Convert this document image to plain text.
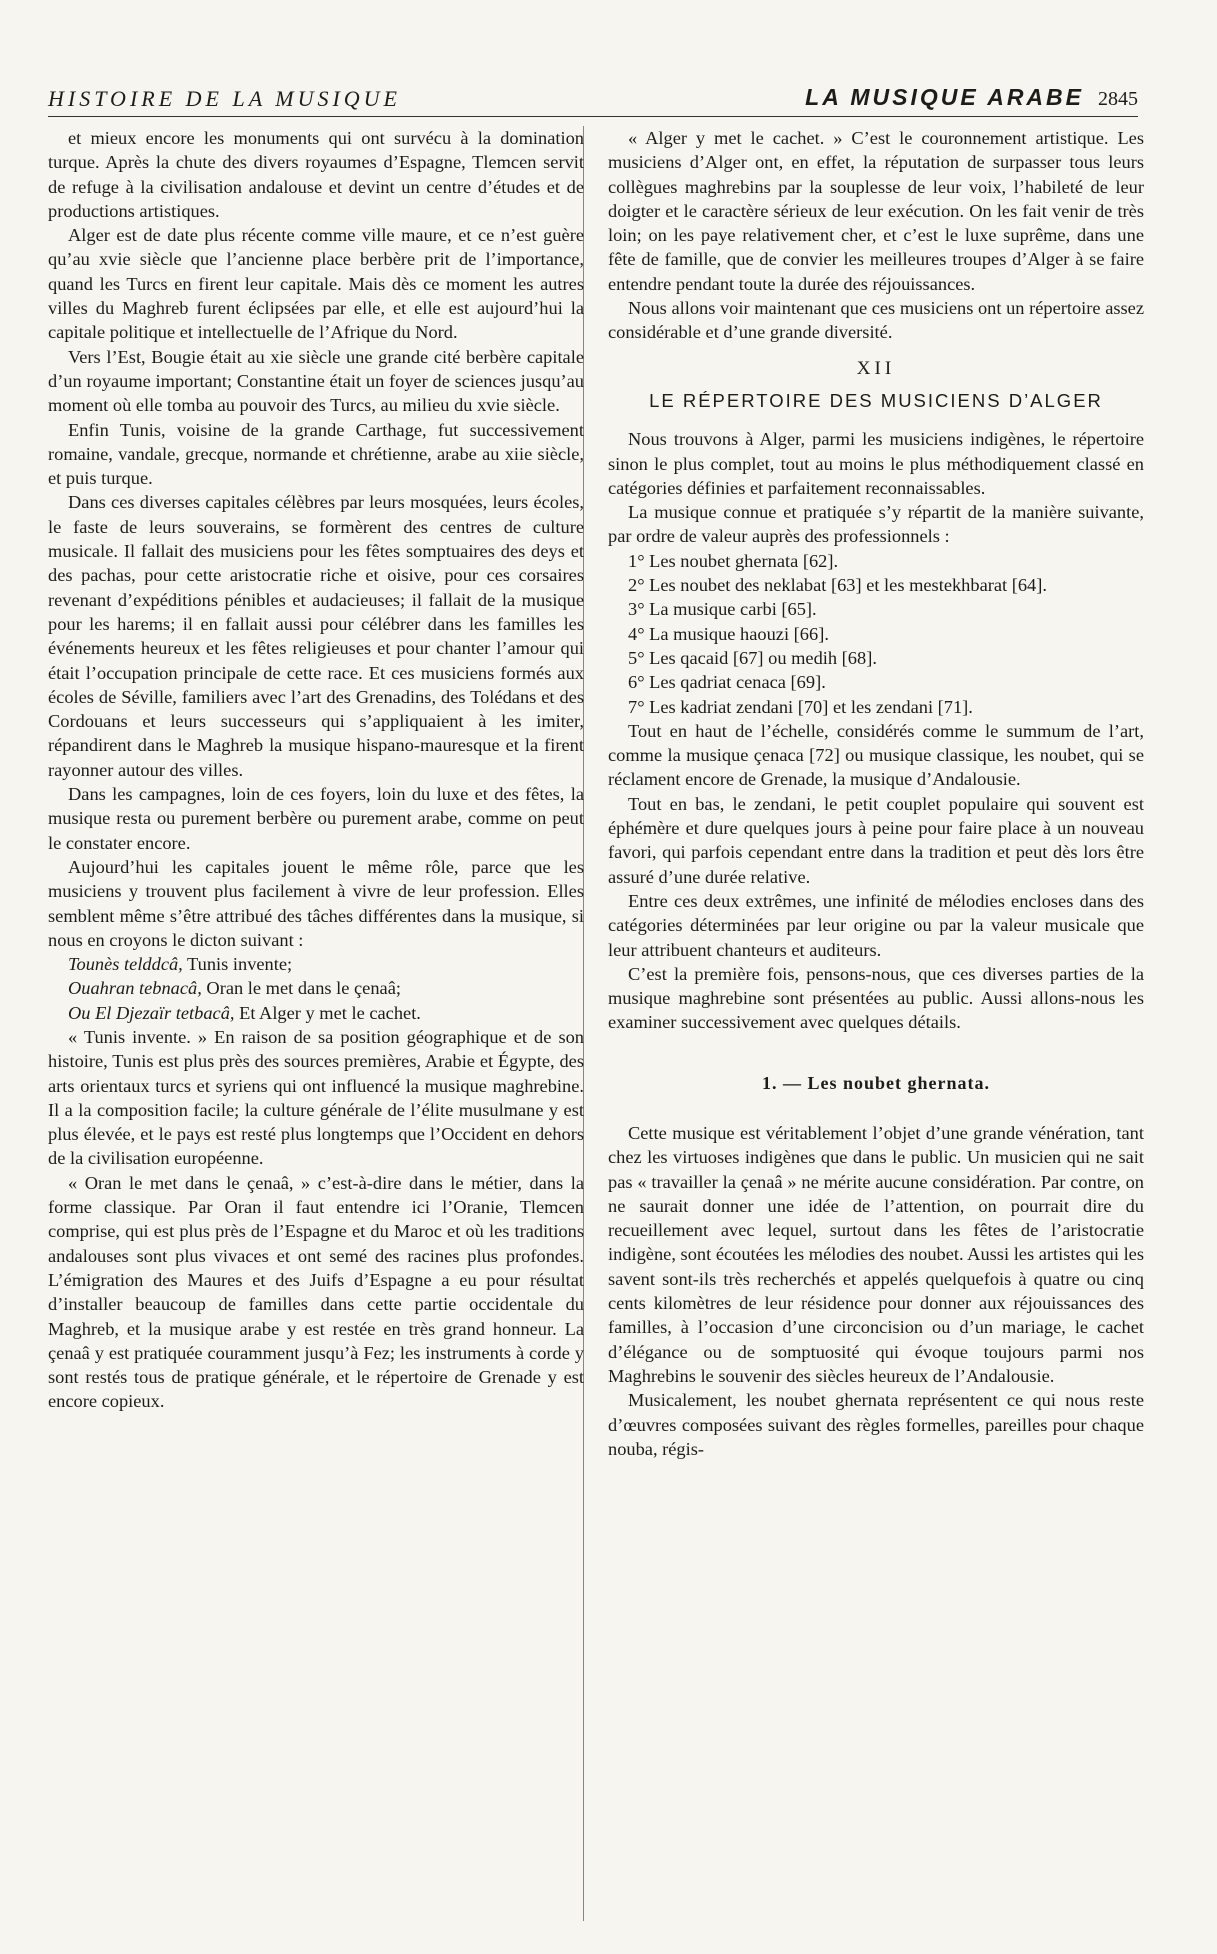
HISTOIRE DE LA MUSIQUE	LA MUSIQUE ARABE 2845

et mieux encore les monuments qui ont survécu à la domination turque. Après la chute des divers royaumes d’Espagne, Tlemcen servit de refuge à la civilisation andalouse et devint un centre d’études et de productions artistiques.

Alger est de date plus récente comme ville maure, et ce n’est guère qu’au xvie siècle que l’ancienne place berbère prit de l’importance, quand les Turcs en firent leur capitale. Mais dès ce moment les autres villes du Maghreb furent éclipsées par elle, et elle est aujourd’hui la capitale politique et intellectuelle de l’Afrique du Nord.

Vers l’Est, Bougie était au xie siècle une grande cité berbère capitale d’un royaume important; Constantine était un foyer de sciences jusqu’au moment où elle tomba au pouvoir des Turcs, au milieu du xvie siècle.

Enfin Tunis, voisine de la grande Carthage, fut successivement romaine, vandale, grecque, normande et chrétienne, arabe au xiie siècle, et puis turque.

Dans ces diverses capitales célèbres par leurs mosquées, leurs écoles, le faste de leurs souverains, se formèrent des centres de culture musicale. Il fallait des musiciens pour les fêtes somptuaires des deys et des pachas, pour cette aristocratie riche et oisive, pour ces corsaires revenant d’expéditions pénibles et audacieuses; il fallait de la musique pour les harems; il en fallait aussi pour célébrer dans les familles les événements heureux et les fêtes religieuses et pour chanter l’amour qui était l’occupation principale de cette race. Et ces musiciens formés aux écoles de Séville, familiers avec l’art des Grenadins, des Tolédans et des Cordouans et leurs successeurs qui s’appliquaient à les imiter, répandirent dans le Maghreb la musique hispano-mauresque et la firent rayonner autour des villes.

Dans les campagnes, loin de ces foyers, loin du luxe et des fêtes, la musique resta ou purement berbère ou purement arabe, comme on peut le constater encore.

Aujourd’hui les capitales jouent le même rôle, parce que les musiciens y trouvent plus facilement à vivre de leur profession. Elles semblent même s’être attribué des tâches différentes dans la musique, si nous en croyons le dicton suivant :

Tounès telddcâ, Tunis invente;

Ouahran tebnacâ, Oran le met dans le çenaâ;

Ou El Djezaïr tetbacâ, Et Alger y met le cachet.

« Tunis invente. » En raison de sa position géographique et de son histoire, Tunis est plus près des sources premières, Arabie et Égypte, des arts orientaux turcs et syriens qui ont influencé la musique maghrebine. Il a la composition facile; la culture générale de l’élite musulmane y est plus élevée, et le pays est resté plus longtemps que l’Occident en dehors de la civilisation européenne.

« Oran le met dans le çenaâ, » c’est-à-dire dans le métier, dans la forme classique. Par Oran il faut entendre ici l’Oranie, Tlemcen comprise, qui est plus près de l’Espagne et du Maroc et où les traditions andalouses sont plus vivaces et ont semé des racines plus profondes. L’émigration des Maures et des Juifs d’Espagne a eu pour résultat d’installer beaucoup de familles dans cette partie occidentale du Maghreb, et la musique arabe y est restée en très grand honneur. La çenaâ y est pratiquée couramment jusqu’à Fez; les instruments à corde y sont restés tous de pratique générale, et le répertoire de Grenade y est encore copieux.

« Alger y met le cachet. » C’est le couronnement artistique. Les musiciens d’Alger ont, en effet, la réputation de surpasser tous leurs collègues maghrebins par la souplesse de leur voix, l’habileté de leur doigter et le caractère sérieux de leur exécution. On les fait venir de très loin; on les paye relativement cher, et c’est le luxe suprême, dans une fête de famille, que de convier les meilleures troupes d’Alger à se faire entendre pendant toute la durée des réjouissances.

Nous allons voir maintenant que ces musiciens ont un répertoire assez considérable et d’une grande diversité.

XII
LE RÉPERTOIRE DES MUSICIENS D’ALGER

Nous trouvons à Alger, parmi les musiciens indigènes, le répertoire sinon le plus complet, tout au moins le plus méthodiquement classé en catégories définies et parfaitement reconnaissables.

La musique connue et pratiquée s’y répartit de la manière suivante, par ordre de valeur auprès des professionnels :

1° Les noubet ghernata [62].

2° Les noubet des neklabat [63] et les mestekhbarat [64].

3° La musique carbi [65].

4° La musique haouzi [66].

5° Les qacaid [67] ou medih [68].

6° Les qadriat cenaca [69].

7° Les kadriat zendani [70] et les zendani [71].

Tout en haut de l’échelle, considérés comme le summum de l’art, comme la musique çenaca [72] ou musique classique, les noubet, qui se réclament encore de Grenade, la musique d’Andalousie.

Tout en bas, le zendani, le petit couplet populaire qui souvent est éphémère et dure quelques jours à peine pour faire place à un nouveau favori, qui parfois cependant entre dans la tradition et peut dès lors être assuré d’une durée relative.

Entre ces deux extrêmes, une infinité de mélodies encloses dans des catégories déterminées par leur origine ou par la valeur musicale que leur attribuent chanteurs et auditeurs.

C’est la première fois, pensons-nous, que ces diverses parties de la musique maghrebine sont présentées au public. Aussi allons-nous les examiner successivement avec quelques détails.

1. — Les noubet ghernata.

Cette musique est véritablement l’objet d’une grande vénération, tant chez les virtuoses indigènes que dans le public. Un musicien qui ne sait pas « travailler la çenaâ » ne mérite aucune considération. Par contre, on ne saurait donner une idée de l’attention, on pourrait dire du recueillement avec lequel, surtout dans les fêtes de l’aristocratie indigène, sont écoutées les mélodies des noubet. Aussi les artistes qui les savent sont-ils très recherchés et appelés quelquefois à quatre ou cinq cents kilomètres de leur résidence pour donner aux réjouissances des familles, à l’occasion d’une circoncision ou d’un mariage, le cachet d’élégance ou de somptuosité qui évoque toujours parmi nos Maghrebins le souvenir des siècles heureux de l’Andalousie.

Musicalement, les noubet ghernata représentent ce qui nous reste d’œuvres composées suivant des règles formelles, pareilles pour chaque nouba, régis-
